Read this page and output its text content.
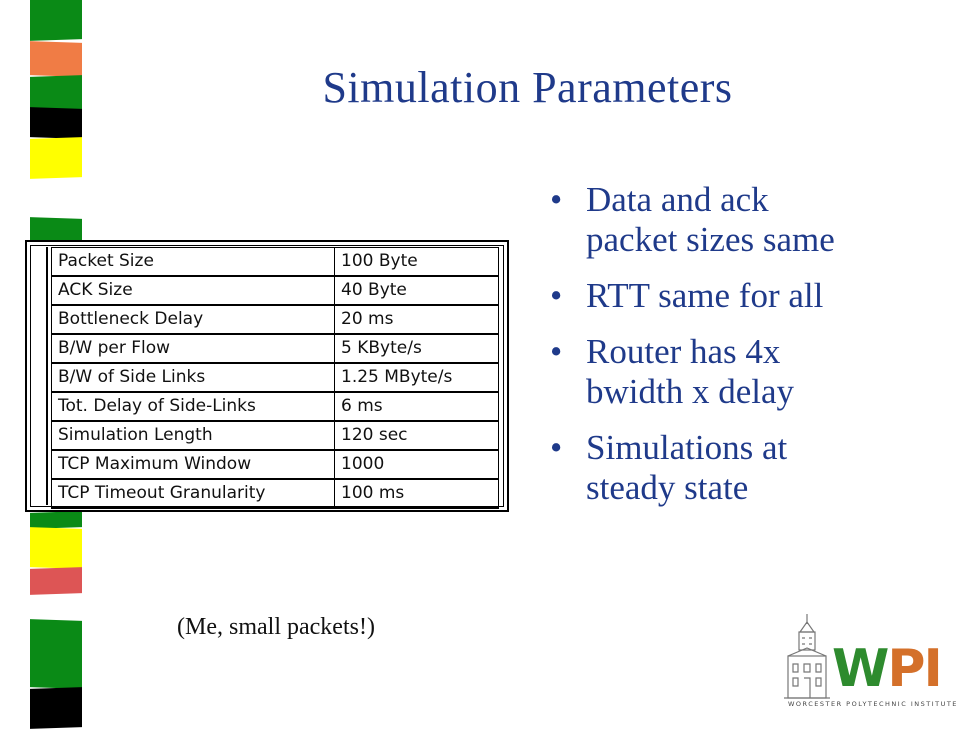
Simulation Parameters
Packet Size	100 Byte
ACK Size	40 Byte
Bottleneck Delay	20 ms
B/W per Flow	5 KByte/s
B/W of Side Links	1.25 MByte/s
Tot. Delay of Side-Links	6 ms
Simulation Length	120 sec
TCP Maximum Window	1000
TCP Timeout Granularity	100 ms
• Data and ack
packet sizes same
• RTT same for all
• Router has 4x
bwidth x delay
• Simulations at
steady state
(Me, small packets!)
WPI
WORCESTER POLYTECHNIC INSTITUTE
